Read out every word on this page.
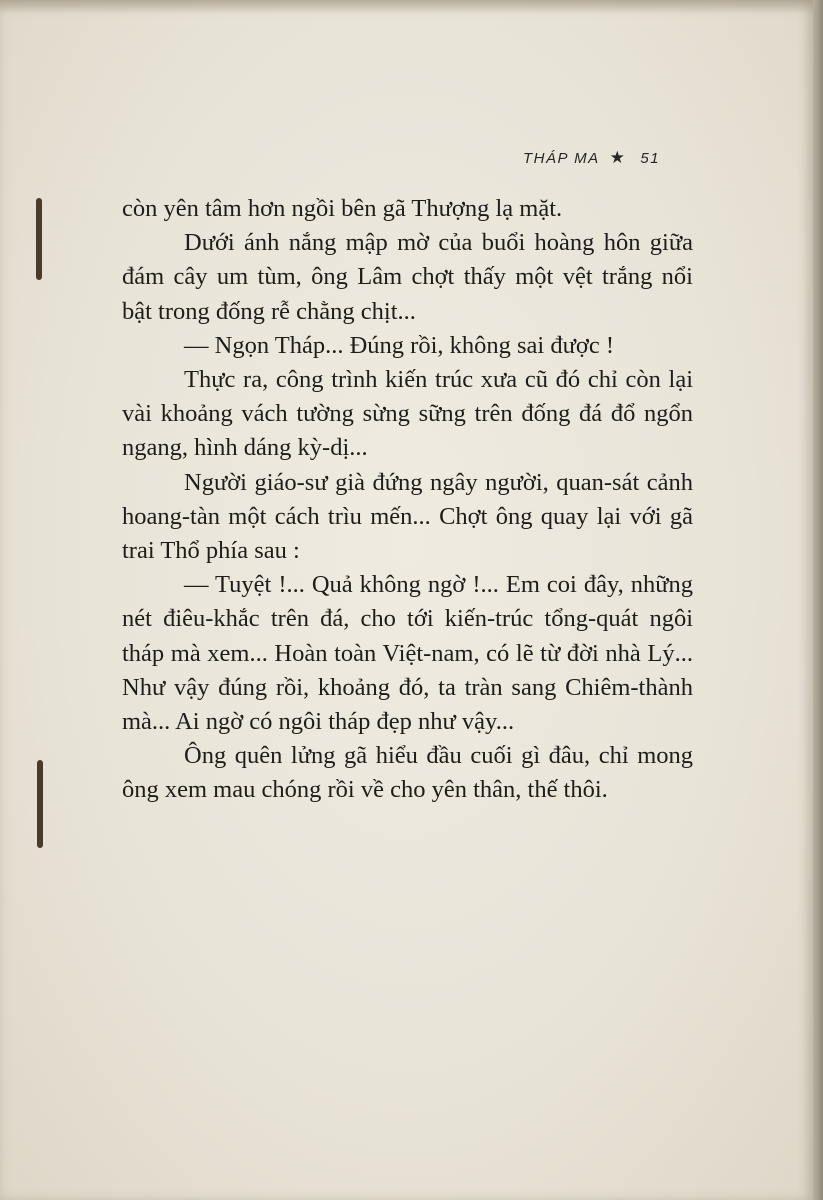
THÁP MA ★ 51

còn yên tâm hơn ngồi bên gã Thượng lạ mặt.

Dưới ánh nắng mập mờ của buổi hoàng hôn giữa đám cây um tùm, ông Lâm chợt thấy một vệt trắng nổi bật trong đống rễ chằng chịt...

— Ngọn Tháp... Đúng rồi, không sai được !

Thực ra, công trình kiến trúc xưa cũ đó chỉ còn lại vài khoảng vách tường sừng sững trên đống đá đổ ngổn ngang, hình dáng kỳ-dị...

Người giáo-sư già đứng ngây người, quan-sát cảnh hoang-tàn một cách trìu mến... Chợt ông quay lại với gã trai Thổ phía sau :

— Tuyệt !... Quả không ngờ !... Em coi đây, những nét điêu-khắc trên đá, cho tới kiến-trúc tổng-quát ngôi tháp mà xem... Hoàn toàn Việt-nam, có lẽ từ đời nhà Lý... Như vậy đúng rồi, khoảng đó, ta tràn sang Chiêm-thành mà... Ai ngờ có ngôi tháp đẹp như vậy...

Ông quên lửng gã hiểu đầu cuối gì đâu, chỉ mong ông xem mau chóng rồi về cho yên thân, thế thôi.
